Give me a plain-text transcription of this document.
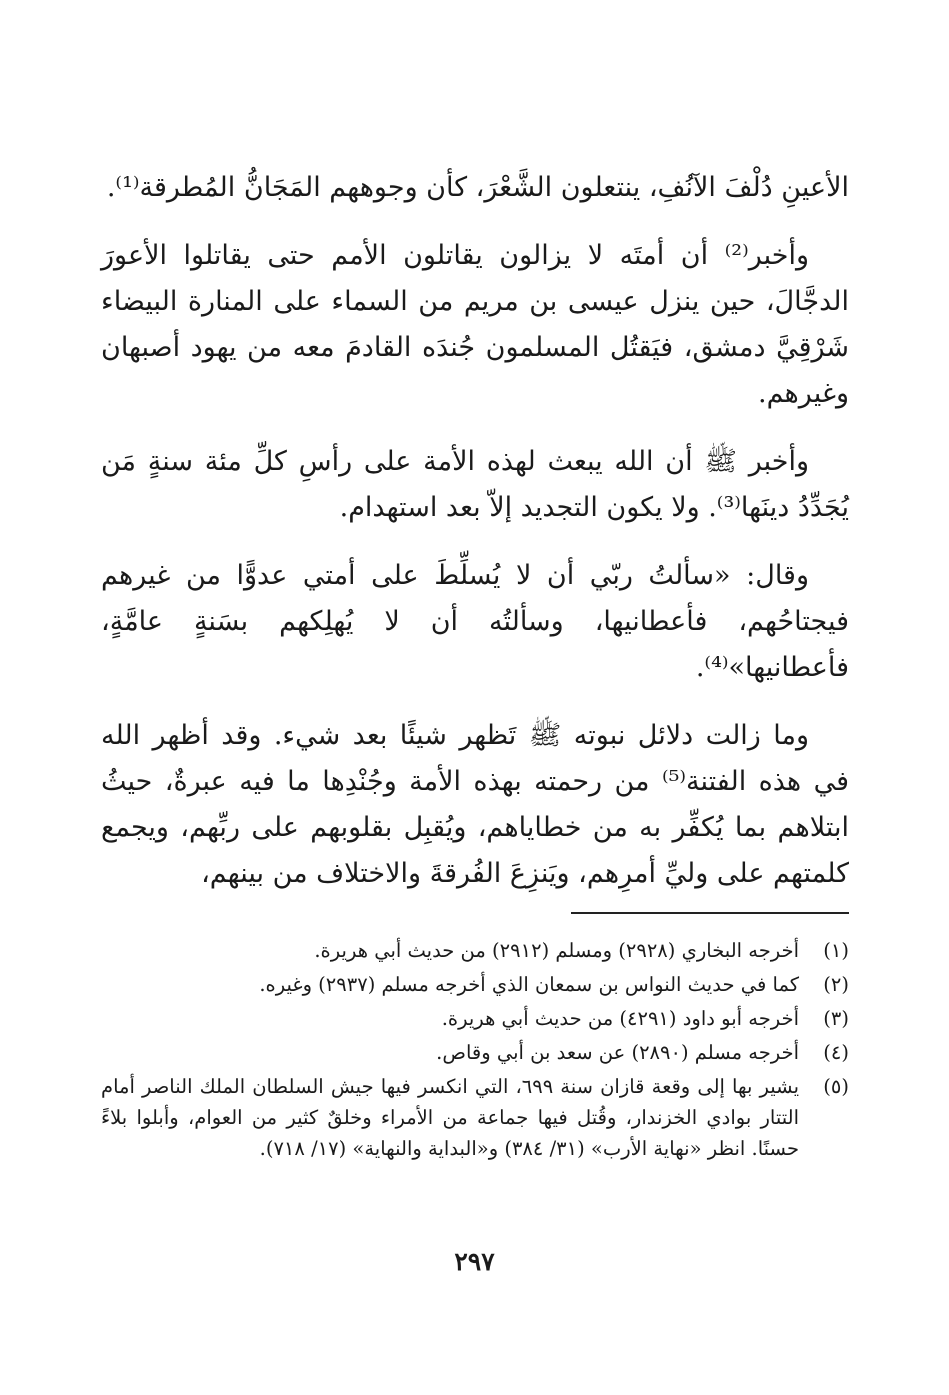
الأعينِ دُلْفَ الآنُفِ، ينتعلون الشَّعْرَ، كأن وجوههم المَجَانُّ المُطرقة⁽¹⁾.

وأخبر⁽²⁾ أن أمتَه لا يزالون يقاتلون الأمم حتى يقاتلوا الأعورَ الدجَّالَ، حين ينزل عيسى بن مريم من السماء على المنارة البيضاء شَرْقِيَّ دمشق، فيَقتُل المسلمون جُندَه القادمَ معه من يهود أصبهان وغيرهم.

وأخبر ﷺ أن الله يبعث لهذه الأمة على رأسِ كلِّ مئة سنةٍ مَن يُجَدِّدُ دينَها⁽³⁾. ولا يكون التجديد إلاّ بعد استهدام.

وقال: «سألتُ ربّي أن لا يُسلِّطَ على أمتي عدوًّا من غيرهم فيجتاحُهم، فأعطانيها، وسألتُه أن لا يُهلِكهم بسَنةٍ عامَّةٍ، فأعطانيها»⁽⁴⁾.

وما زالت دلائل نبوته ﷺ تَظهر شيئًا بعد شيء. وقد أظهر الله في هذه الفتنة⁽⁵⁾ من رحمته بهذه الأمة وجُنْدِها ما فيه عبرةٌ، حيثُ ابتلاهم بما يُكفِّر به من خطاياهم، ويُقبِل بقلوبهم على ربِّهم، ويجمع كلمتهم على وليِّ أمرِهم، ويَنزِعَ الفُرقةَ والاختلاف من بينهم،

(١)
أخرجه البخاري (٢٩٢٨) ومسلم (٢٩١٢) من حديث أبي هريرة.
(٢)
كما في حديث النواس بن سمعان الذي أخرجه مسلم (٢٩٣٧) وغيره.
(٣)
أخرجه أبو داود (٤٢٩١) من حديث أبي هريرة.
(٤)
أخرجه مسلم (٢٨٩٠) عن سعد بن أبي وقاص.
(٥)
يشير بها إلى وقعة قازان سنة ٦٩٩، التي انكسر فيها جيش السلطان الملك الناصر أمام التتار بوادي الخزندار، وقُتل فيها جماعة من الأمراء وخلقٌ كثير من العوام، وأبلوا بلاءً حسنًا. انظر «نهاية الأرب» (٣١/ ٣٨٤) و«البداية والنهاية» (١٧/ ٧١٨).
٢٩٧
